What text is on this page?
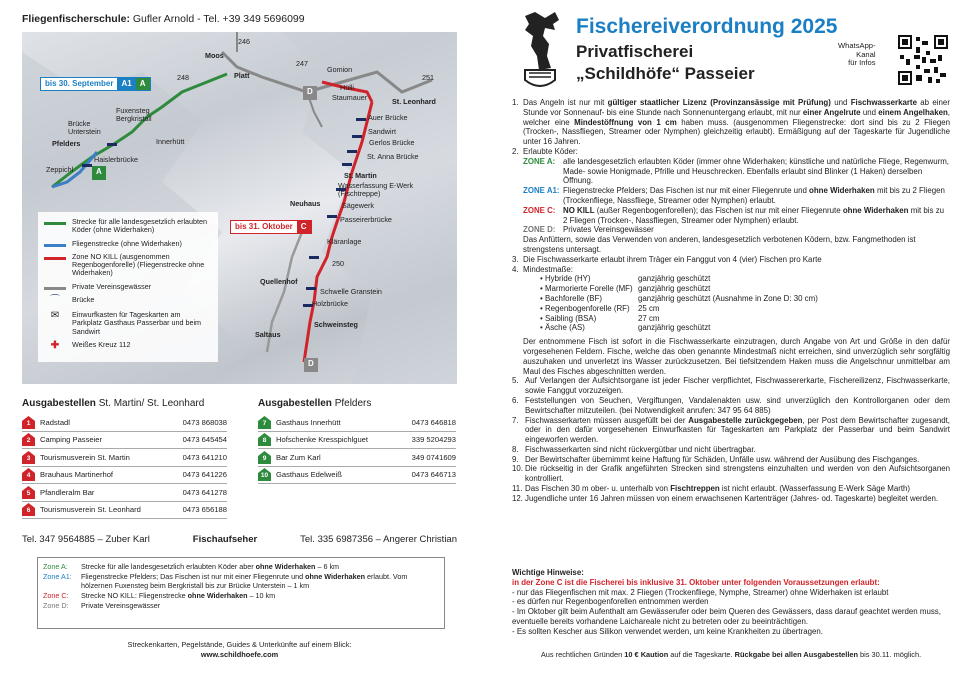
Fliegenfischerschule: Gufler Arnold - Tel. +39 349 5696099
Moos
Platt
Gomion
Hülli
Staumauer	St. Leonhard
Auer Brücke
Sandwirt
Gerlos Brücke
St. Anna Brücke
St. Martin
Wasserfassung E-Werk (Fischtreppe)
Sägewerk
Passeirerbrücke
Neuhaus
Kläranlage
Quellenhof
Schwelle Granstein
Holzbrücke
Schweinsteg
Saltaus
Innerhütt
Fuxensteg Bergkristall
Brücke Unterstein
Pfelders
Haislerbrücke
Zeppichl
246
247
248	251
250
bis 30. September	A1	A
bis 31. Oktober	C
A
D
D
Strecke für alle landesgesetzlich erlaubten Köder (ohne Widerhaken)
Fliegenstrecke (ohne Widerhaken)
Zone NO KILL (ausgenommen Regenbogenforelle) (Fliegenstrecke ohne Widerhaken)
Private Vereinsgewässer
⌒	Brücke
✉	Einwurfkasten für Tageskarten am Parkplatz Gasthaus Passerbar und beim Sandwirt
✚	Weißes Kreuz 112
Ausgabestellen St. Martin/ St. Leonhard
1	Radstadl	0473 868038
2	Camping Passeier	0473 645454
3	Tourismusverein St. Martin	0473 641210
4	Brauhaus Martinerhof	0473 641226
5	Pfandleralm Bar	0473 641278
6	Tourismusverein St. Leonhard	0473 656188
Ausgabestellen Pfelders
7	Gasthaus Innerhütt	0473 646818
8	Hofschenke Kresspichlguet	339 5204293
9	Bar Zum Karl	349 0741609
10	Gasthaus Edelweiß	0473 646713
Tel. 347 9564885 – Zuber Karl	Fischaufseher	Tel. 335 6987356 – Angerer Christian
Zone A:	Strecke für alle landesgesetzlich erlaubten Köder aber ohne Widerhaken – 6 km
Zone A1:	Fliegenstrecke Pfelders; Das Fischen ist nur mit einer Fliegenrute und ohne Widerhaken erlaubt. Vom hölzernen Fuxensteg beim Bergkristall bis zur Brücke Unterstein – 1 km
Zone C:	Strecke NO KILL: Fliegenstrecke ohne Widerhaken – 10 km
Zone D:	Private Vereinsgewässer
Streckenkarten, Pegelstände, Guides & Unterkünfte auf einem Blick:
www.schildhoefe.com
Fischereiverordnung 2025
Privatfischerei
„Schildhöfe“ Passeier
WhatsApp-
Kanal
für Infos
1. Das Angeln ist nur mit gültiger staatlicher Lizenz (Provinzansässige mit Prüfung) und Fischwasserkarte ab einer Stunde vor Sonnenauf- bis eine Stunde nach Sonnenuntergang erlaubt, mit nur einer Angelrute und einem Angelhaken, welcher eine Mindestöffnung von 1 cm haben muss. (ausgenommen Fliegenstrecke: dort sind bis zu 2 Fliegen (Trocken-, Nassfliegen, Streamer oder Nymphen) gleichzeitig erlaubt). Ermäßigung auf der Tageskarte für Jugendliche unter 16 Jahren.
2. Erlaubte Köder:
ZONE A: alle landesgesetzlich erlaubten Köder (immer ohne Widerhaken; künstliche und natürliche Fliege, Regenwurm, Made- sowie Honigmade, Pfrille und Heuschrecken. Ebenfalls erlaubt sind Blinker (1 Haken) derselben Öffnung.
ZONE A1: Fliegenstrecke Pfelders; Das Fischen ist nur mit einer Fliegenrute und ohne Widerhaken mit bis zu 2 Fliegen (Trockenfliege, Nassfliege, Streamer oder Nymphen) erlaubt.
ZONE C: NO KILL (außer Regenbogenforellen); das Fischen ist nur mit einer Fliegenrute ohne Widerhaken mit bis zu 2 Fliegen (Trocken-, Nassfliegen, Streamer oder Nymphen) erlaubt.
ZONE D: Privates Vereinsgewässer
Das Anfüttern, sowie das Verwenden von anderen, landesgesetzlich verbotenen Ködern, bzw. Fangmethoden ist strengstens untersagt.
3. Die Fischwasserkarte erlaubt ihrem Träger ein Fanggut von 4 (vier) Fischen pro Karte
4. Mindestmaße:
• Hybride (HY)	ganzjährig geschützt
• Marmorierte Forelle (MF) ganzjährig geschützt
• Bachforelle (BF)	ganzjährig geschützt (Ausnahme in Zone D: 30 cm)
• Regenbogenforelle (RF)	25 cm
• Saibling (BSA)	27 cm
• Äsche (AS)	ganzjährig geschützt
Der entnommene Fisch ist sofort in die Fischwasserkarte einzutragen, durch Angabe von Art und Größe in den dafür vorgesehenen Feldern. Fische, welche das oben genannte Mindestmaß nicht erreichen, sind unverzüglich sehr sorgfältig auszuhaken und unverletzt ins Wasser zurückzusetzen. Bei tiefsitzendem Haken muss die Angelschnur unmittelbar am Maul des Fisches abgeschnitten werden.
5. Auf Verlangen der Aufsichtsorgane ist jeder Fischer verpflichtet, Fischwassererkarte, Fischereilizenz, Fischwasserkarte, sowie Fanggut vorzuzeigen.
6. Feststellungen von Seuchen, Vergiftungen, Vandalenakten usw. sind unverzüglich den Kontrollorganen oder dem Bewirtschafter mitzuteilen. (bei Notwendigkeit anrufen: 347 95 64 885)
7. Fischwasserkarten müssen ausgefüllt bei der Ausgabestelle zurückgegeben, per Post dem Bewirtschafter zugesandt, oder in den dafür vorgesehenen Einwurfkasten für Tageskarten am Parkplatz der Passerbar und beim Sandwirt eingeworfen werden.
8. Fischwasserkarten sind nicht rückvergütbar und nicht übertragbar.
9. Der Bewirtschafter übernimmt keine Haftung für Schäden, Unfälle usw. während der Ausübung des Fischganges.
10. Die rückseitig in der Grafik angeführten Strecken sind strengstens einzuhalten und werden von den Aufsichtsorganen kontrolliert.
11. Das Fischen 30 m ober- u. unterhalb von Fischtreppen ist nicht erlaubt. (Wasserfassung E-Werk Säge Marth)
12. Jugendliche unter 16 Jahren müssen von einem erwachsenen Kartenträger (Jahres- od. Tageskarte) begleitet werden.
Wichtige Hinweise:
in der Zone C ist die Fischerei bis inklusive 31. Oktober unter folgenden Voraussetzungen erlaubt:
- nur das Fliegenfischen mit max. 2 Fliegen (Trockenfliege, Nymphe, Streamer) ohne Widerhaken ist erlaubt
- es dürfen nur Regenbogenforellen entnommen werden
- Im Oktober gilt beim Aufenthalt am Gewässerufer oder beim Queren des Gewässers, dass darauf geachtet werden muss, eventuelle bereits vorhandene Laichareale nicht zu betreten oder zu beeinträchtigen.
- Es sollten Kescher aus Silikon verwendet werden, um keine Krankheiten zu übertragen.
Aus rechtlichen Gründen 10 € Kaution auf die Tageskarte. Rückgabe bei allen Ausgabestellen bis 30.11. möglich.
